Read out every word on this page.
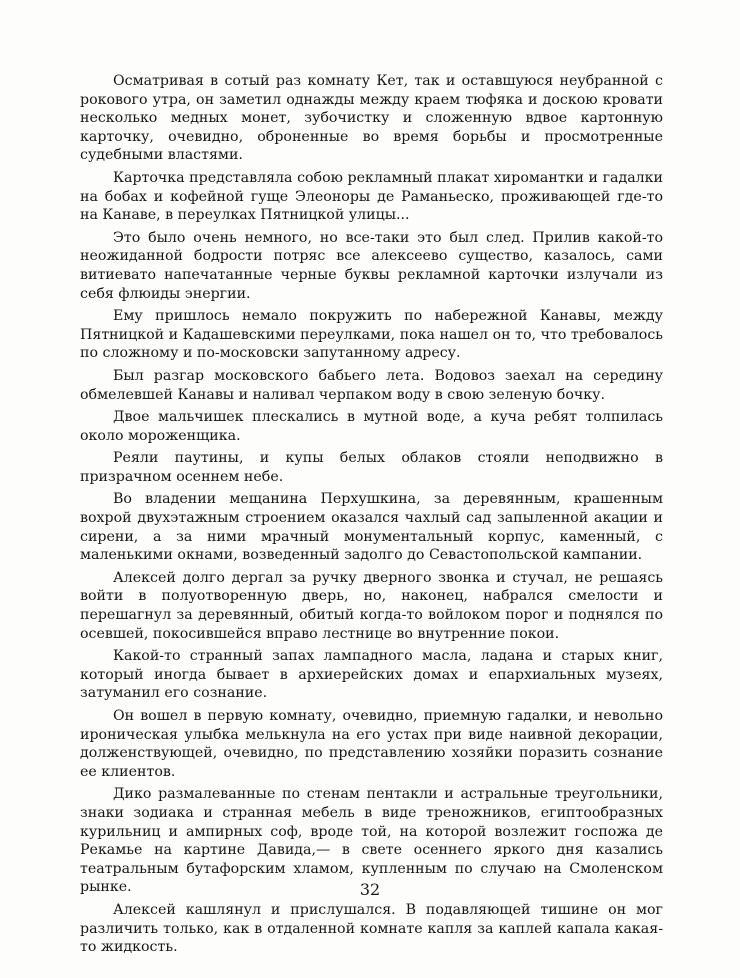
Осматривая в сотый раз комнату Кет, так и оставшуюся неубранной с рокового утра, он заметил однажды между краем тюфяка и доскою кровати несколько медных монет, зубочистку и сложенную вдвое картонную карточку, очевидно, оброненные во время борьбы и просмотренные судебными властями.

Карточка представляла собою рекламный плакат хиромантки и гадалки на бобах и кофейной гуще Элеоноры де Раманьеско, проживающей где-то на Канаве, в переулках Пятницкой улицы...

Это было очень немного, но все-таки это был след. Прилив какой-то неожиданной бодрости потряс все алексеево существо, казалось, сами витиевато напечатанные черные буквы рекламной карточки излучали из себя флюиды энергии.

Ему пришлось немало покружить по набережной Канавы, между Пятницкой и Кадашевскими переулками, пока нашел он то, что требовалось по сложному и по-московски запутанному адресу.

Был разгар московского бабьего лета. Водовоз заехал на середину обмелевшей Канавы и наливал черпаком воду в свою зеленую бочку.

Двое мальчишек плескались в мутной воде, а куча ребят толпилась около мороженщика.

Реяли паутины, и купы белых облаков стояли неподвижно в призрачном осеннем небе.

Во владении мещанина Перхушкина, за деревянным, крашенным вохрой двухэтажным строением оказался чахлый сад запыленной акации и сирени, а за ними мрачный монументальный корпус, каменный, с маленькими окнами, возведенный задолго до Севастопольской кампании.

Алексей долго дергал за ручку дверного звонка и стучал, не решаясь войти в полуотворенную дверь, но, наконец, набрался смелости и перешагнул за деревянный, обитый когда-то войлоком порог и поднялся по осевшей, покосившейся вправо лестнице во внутренние покои.

Какой-то странный запах лампадного масла, ладана и старых книг, который иногда бывает в архиерейских домах и епархиальных музеях, затуманил его сознание.

Он вошел в первую комнату, очевидно, приемную гадалки, и невольно ироническая улыбка мелькнула на его устах при виде наивной декорации, долженствующей, очевидно, по представлению хозяйки поразить сознание ее клиентов.

Дико размалеванные по стенам пентакли и астральные треугольники, знаки зодиака и странная мебель в виде треножников, египтообразных курильниц и ампирных соф, вроде той, на которой возлежит госпожа де Рекамье на картине Давида,— в свете осеннего яркого дня казались театральным бутафорским хламом, купленным по случаю на Смоленском рынке.

Алексей кашлянул и прислушался. В подавляющей тишине он мог различить только, как в отдаленной комнате капля за каплей капала какая-то жидкость.

32
